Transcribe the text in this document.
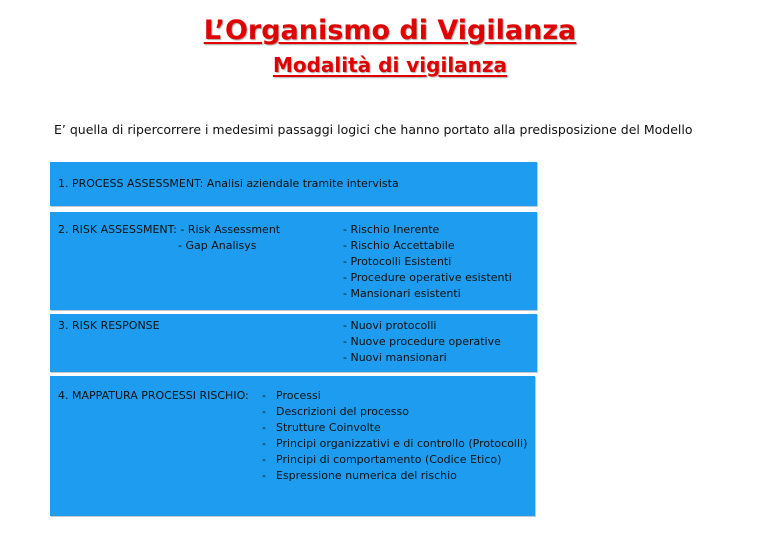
L’Organismo di Vigilanza
Modalità di vigilanza
E’ quella di ripercorrere i medesimi passaggi logici che hanno portato alla predisposizione del Modello
1. PROCESS ASSESSMENT: Analisi aziendale tramite intervista
2. RISK ASSESSMENT: - Risk Assessment
- Gap Analisys
- Rischio Inerente
- Rischio Accettabile
- Protocolli Esistenti
- Procedure operative esistenti
- Mansionari esistenti
3. RISK RESPONSE	- Nuovi protocolli
- Nuove procedure operative
- Nuovi mansionari
4. MAPPATURA PROCESSI RISCHIO:	- Processi
- Descrizioni del processo
- Strutture Coinvolte
- Principi organizzativi e di controllo (Protocolli)
- Principi di comportamento (Codice Etico)
- Espressione numerica del rischio
